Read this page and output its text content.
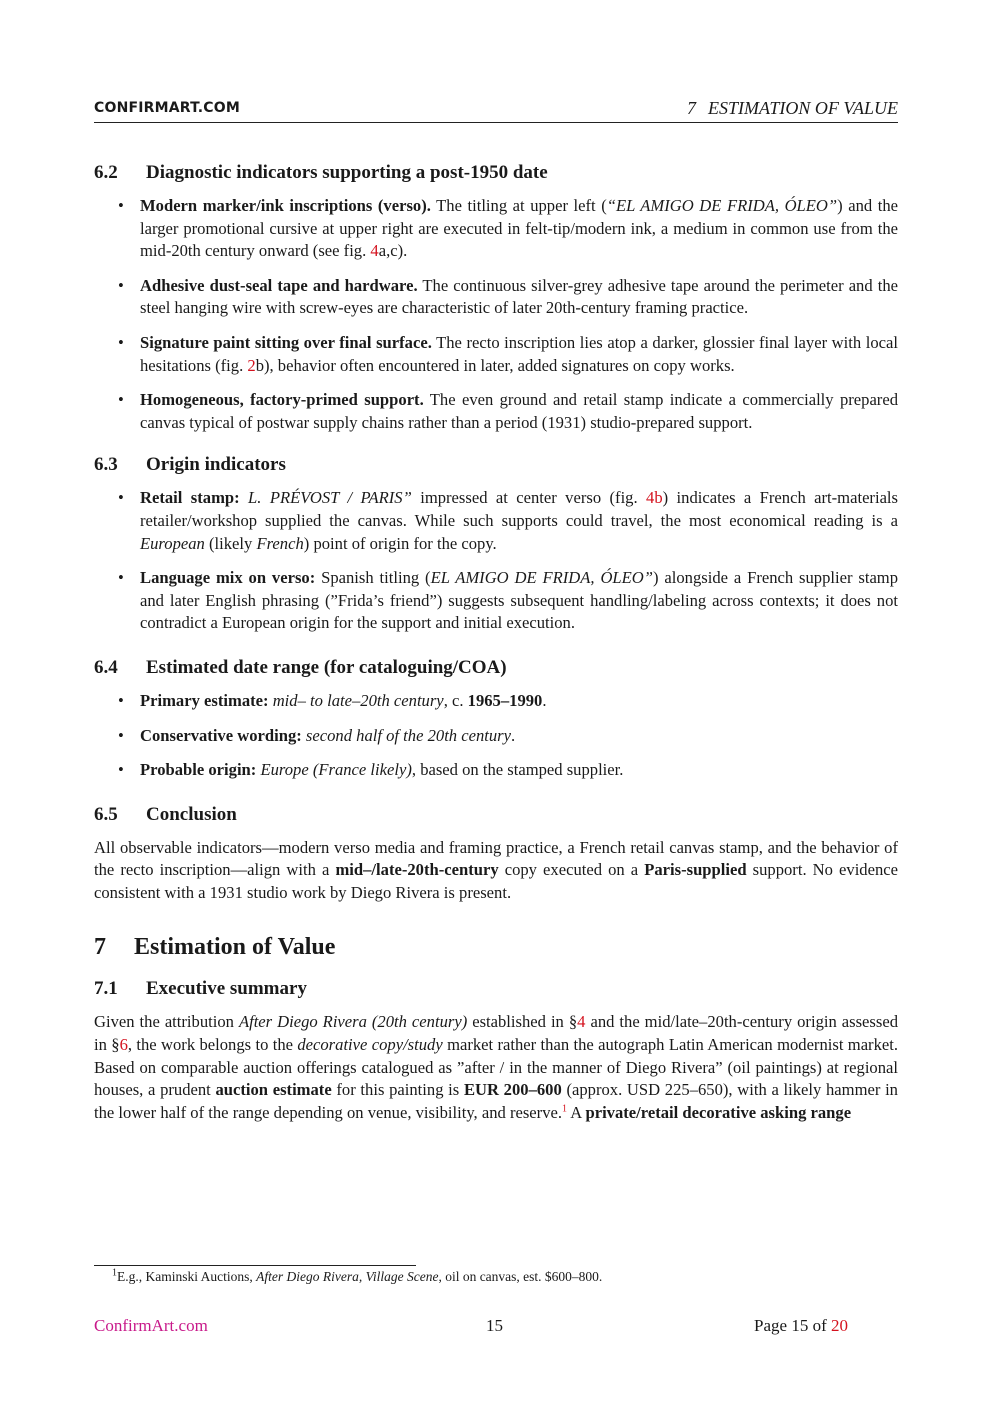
CONFIRMART.COM	7 ESTIMATION OF VALUE
6.2 Diagnostic indicators supporting a post-1950 date
• Modern marker/ink inscriptions (verso). The titling at upper left (“EL AMIGO DE FRIDA, ÓLEO”) and the larger promotional cursive at upper right are executed in felt-tip/modern ink, a medium in common use from the mid-20th century onward (see fig. 4a,c).
• Adhesive dust-seal tape and hardware. The continuous silver-grey adhesive tape around the perimeter and the steel hanging wire with screw-eyes are characteristic of later 20th-century framing practice.
• Signature paint sitting over final surface. The recto inscription lies atop a darker, glossier final layer with local hesitations (fig. 2b), behavior often encountered in later, added signatures on copy works.
• Homogeneous, factory-primed support. The even ground and retail stamp indicate a commercially prepared canvas typical of postwar supply chains rather than a period (1931) studio-prepared support.
6.3 Origin indicators
• Retail stamp: L. PRÉVOST / PARIS” impressed at center verso (fig. 4b) indicates a French art-materials retailer/workshop supplied the canvas. While such supports could travel, the most economical reading is a European (likely French) point of origin for the copy.
• Language mix on verso: Spanish titling (EL AMIGO DE FRIDA, ÓLEO”) alongside a French supplier stamp and later English phrasing (”Frida’s friend”) suggests subsequent handling/labeling across contexts; it does not contradict a European origin for the support and initial execution.
6.4 Estimated date range (for cataloguing/COA)
• Primary estimate: mid– to late–20th century, c. 1965–1990.
• Conservative wording: second half of the 20th century.
• Probable origin: Europe (France likely), based on the stamped supplier.
6.5 Conclusion

All observable indicators—modern verso media and framing practice, a French retail canvas stamp, and the behavior of the recto inscription—align with a mid–/late-20th-century copy executed on a Paris-supplied support. No evidence consistent with a 1931 studio work by Diego Rivera is present.

7 Estimation of Value
7.1 Executive summary

Given the attribution After Diego Rivera (20th century) established in §4 and the mid/late–20th-century origin assessed in §6, the work belongs to the decorative copy/study market rather than the autograph Latin American modernist market. Based on comparable auction offerings catalogued as ”after / in the manner of Diego Rivera” (oil paintings) at regional houses, a prudent auction estimate for this painting is EUR 200–600 (approx. USD 225–650), with a likely hammer in the lower half of the range depending on venue, visibility, and reserve.$^1$ A private/retail decorative asking range

$^1$E.g., Kaminski Auctions, After Diego Rivera, Village Scene, oil on canvas, est. $600–800.
ConfirmArt.com	15	Page 15 of 20
